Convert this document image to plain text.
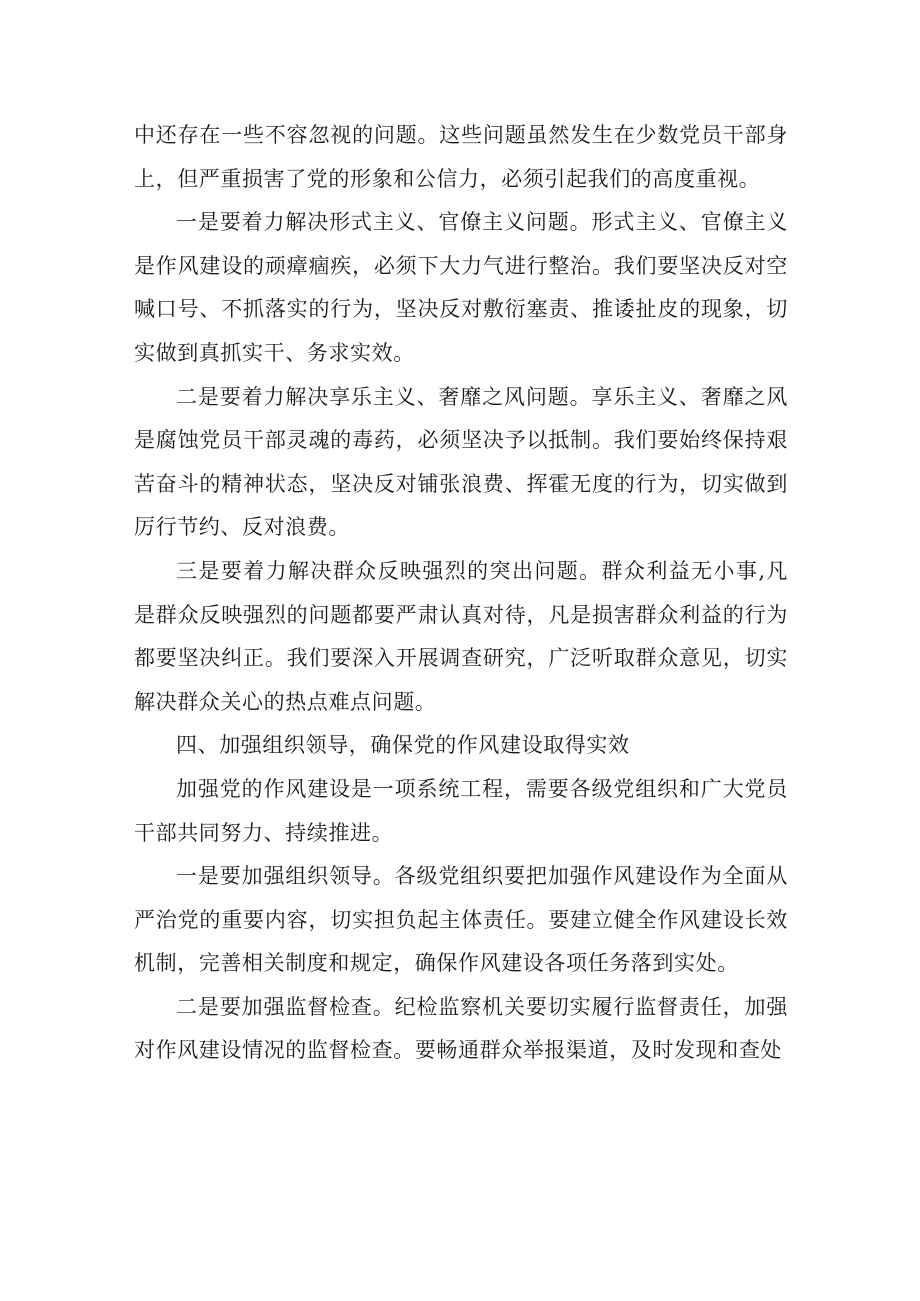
中还存在一些不容忽视的问题。这些问题虽然发生在少数党员干部身上，但严重损害了党的形象和公信力，必须引起我们的高度重视。

一是要着力解决形式主义、官僚主义问题。形式主义、官僚主义是作风建设的顽瘴痼疾，必须下大力气进行整治。我们要坚决反对空喊口号、不抓落实的行为，坚决反对敷衍塞责、推诿扯皮的现象，切实做到真抓实干、务求实效。

二是要着力解决享乐主义、奢靡之风问题。享乐主义、奢靡之风是腐蚀党员干部灵魂的毒药，必须坚决予以抵制。我们要始终保持艰苦奋斗的精神状态，坚决反对铺张浪费、挥霍无度的行为，切实做到厉行节约、反对浪费。

三是要着力解决群众反映强烈的突出问题。群众利益无小事,凡是群众反映强烈的问题都要严肃认真对待，凡是损害群众利益的行为都要坚决纠正。我们要深入开展调查研究，广泛听取群众意见，切实解决群众关心的热点难点问题。

四、加强组织领导，确保党的作风建设取得实效

加强党的作风建设是一项系统工程，需要各级党组织和广大党员干部共同努力、持续推进。

一是要加强组织领导。各级党组织要把加强作风建设作为全面从严治党的重要内容，切实担负起主体责任。要建立健全作风建设长效机制，完善相关制度和规定，确保作风建设各项任务落到实处。

二是要加强监督检查。纪检监察机关要切实履行监督责任，加强对作风建设情况的监督检查。要畅通群众举报渠道，及时发现和查处
